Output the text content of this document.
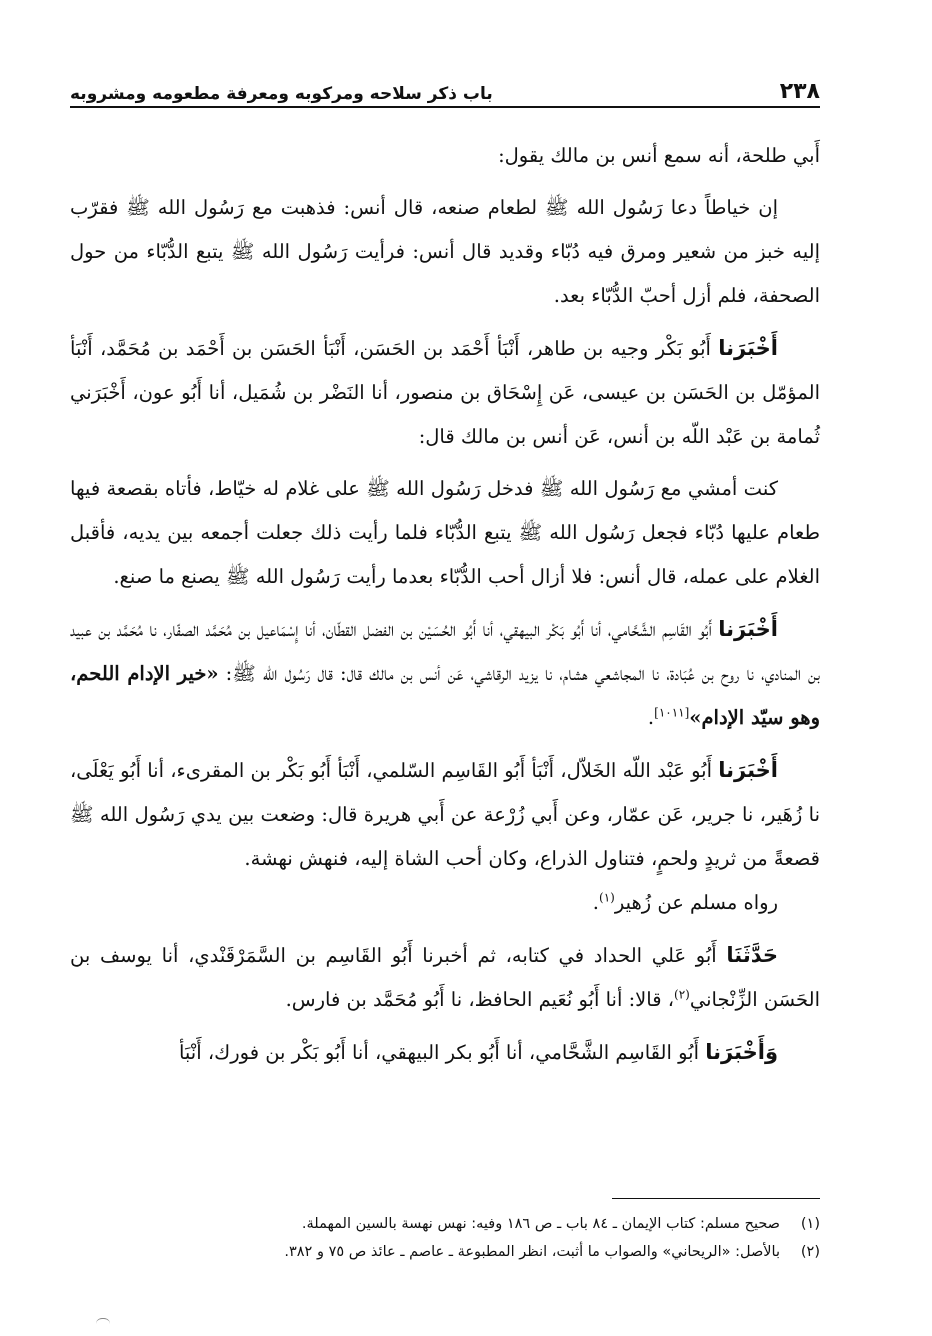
٢٣٨
باب ذكر سلاحه ومركوبه ومعرفة مطعومه ومشروبه

أَبي طلحة، أنه سمع أنس بن مالك يقول:

إن خياطاً دعا رَسُول الله ﷺ لطعام صنعه، قال أنس: فذهبت مع رَسُول الله ﷺ فقرّب إليه خبز من شعير ومرق فيه دُبّاء وقديد قال أنس: فرأيت رَسُول الله ﷺ يتبع الدُّبّاء من حول الصحفة، فلم أزل أحبّ الدُّبّاء بعد.

أَخْبَرَنا أَبُو بَكْر وجيه بن طاهر، أَنْبَأ أَحْمَد بن الحَسَن، أَنْبَأ الحَسَن بن أَحْمَد بن مُحَمَّد، أَنْبَأ المؤمّل بن الحَسَن بن عيسى، عَن إِسْحَاق بن منصور، أنا النَضْر بن شُمَيل، أنا أَبُو عون، أَخْبَرَني ثُمامة بن عَبْد اللّه بن أنس، عَن أنس بن مالك قال:

كنت أمشي مع رَسُول الله ﷺ فدخل رَسُول الله ﷺ على غلام له خيّاط، فأتاه بقصعة فيها طعام عليها دُبّاء فجعل رَسُول الله ﷺ يتبع الدُّبّاء فلما رأيت ذلك جعلت أجمعه بين يديه، فأقبل الغلام على عمله، قال أنس: فلا أزال أحب الدُّبّاء بعدما رأيت رَسُول الله ﷺ يصنع ما صنع.

أَخْبَرَنا أَبُو القَاسِم الشَّحَّامي، أنا أَبُو بَكْر البيهقي، أنا أَبُو الحُسَيْن بن الفضل القطّان، أنا إِسْمَاعيل بن مُحَمَّد الصفّار، نا مُحَمَّد بن عبيد بن المنادي، نا روح بن عُبَادة، نا المجاشعي هشام، نا يزيد الرقاشي، عَن أنس بن مالك قال: قال رَسُول الله ﷺ: «خير الإدام اللحم، وهو سيّد الإدام»[١٠١١].

أَخْبَرَنا أَبُو عَبْد اللّه الخَلاّل، أَنْبَأ أَبُو القَاسِم السّلمي، أَنْبَأ أَبُو بَكْر بن المقرىء، أنا أَبُو يَعْلَى، نا زُهَير، نا جرير، عَن عمّار، وعن أَبي زُرْعة عن أَبي هريرة قال: وضعت بين يدي رَسُول الله ﷺ قصعةً من ثريدٍ ولحمٍ، فتناول الذراع، وكان أحب الشاة إليه، فنهش نهشة.

رواه مسلم عن زُهير$^{(١)}$.

حَدَّثَنَا أَبُو عَلي الحداد في كتابه، ثم أخبرنا أَبُو القَاسِم بن السَّمَرْقَنْدي، أنا يوسف بن الحَسَن الزِّنْجاني$^{(٢)}$، قالا: أنا أَبُو نُعَيم الحافظ، نا أَبُو مُحَمَّد بن فارس.

وَأَخْبَرَنا أَبُو القَاسِم الشَّحَّامي، أنا أَبُو بكر البيهقي، أنا أَبُو بَكْر بن فورك، أَنْبَأ

(١)
صحيح مسلم: كتاب الإيمان ـ ٨٤ باب ـ ص ١٨٦ وفيه: نهس نهسة بالسين المهملة.
(٢)
بالأصل: «الريحاني» والصواب ما أثبت، انظر المطبوعة ـ عاصم ـ عائذ ص ٧٥ و ٣٨٢.
